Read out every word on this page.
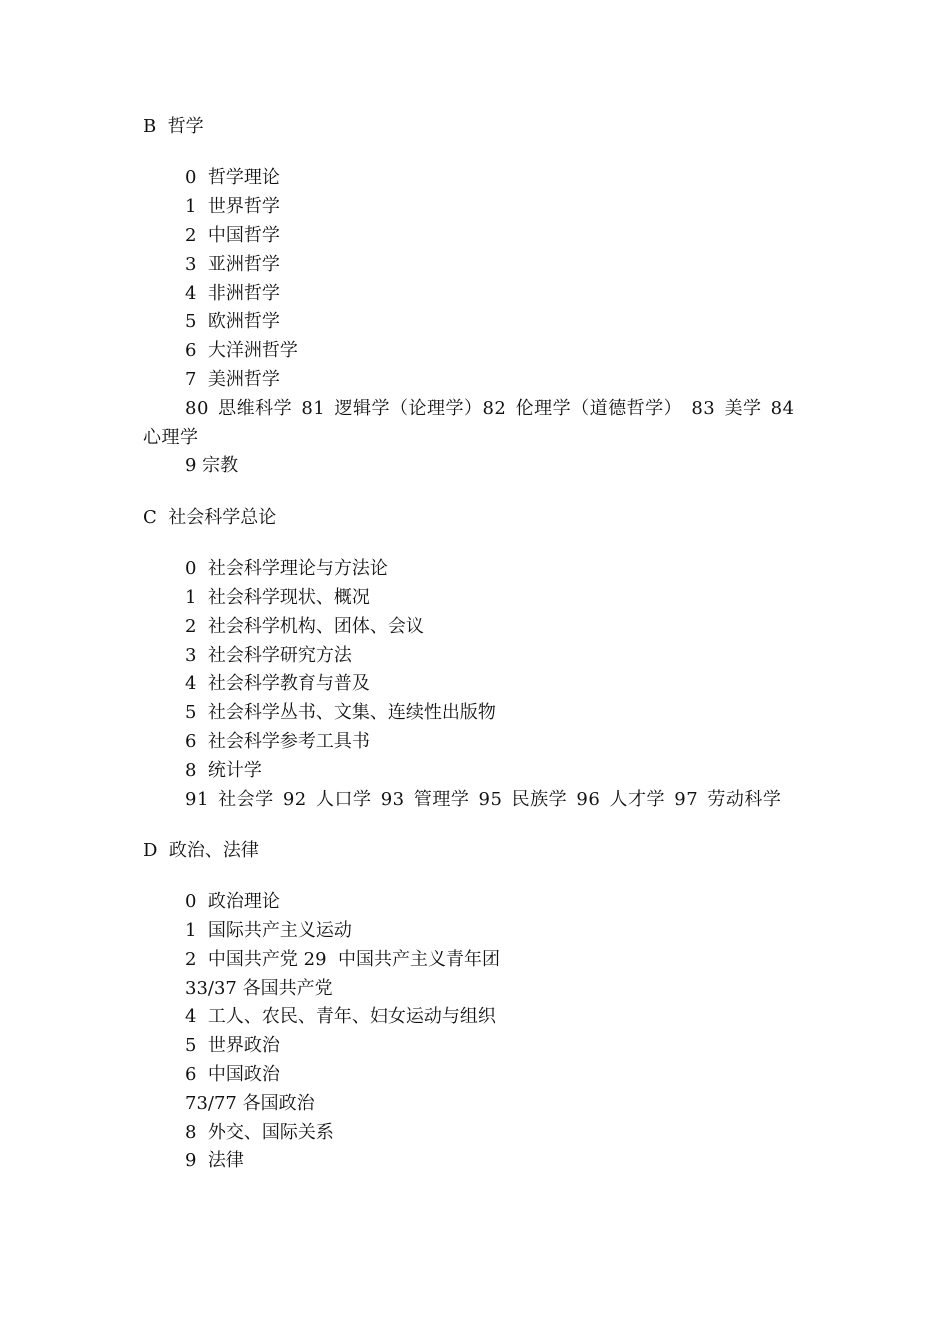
B  哲学

0  哲学理论

1  世界哲学

2  中国哲学

3  亚洲哲学

4  非洲哲学

5  欧洲哲学

6  大洋洲哲学

7  美洲哲学

80 思维科学 81 逻辑学（论理学）82 伦理学（道德哲学） 83 美学 84 心理学

9 宗教

C  社会科学总论

0  社会科学理论与方法论

1  社会科学现状、概况

2  社会科学机构、团体、会议

3  社会科学研究方法

4  社会科学教育与普及

5  社会科学丛书、文集、连续性出版物

6  社会科学参考工具书

8  统计学

91 社会学 92 人口学 93 管理学 95 民族学 96 人才学 97 劳动科学

D  政治、法律

0  政治理论

1  国际共产主义运动

2  中国共产党 29  中国共产主义青年团

33/37 各国共产党

4  工人、农民、青年、妇女运动与组织

5  世界政治

6  中国政治

73/77 各国政治

8  外交、国际关系

9  法律
